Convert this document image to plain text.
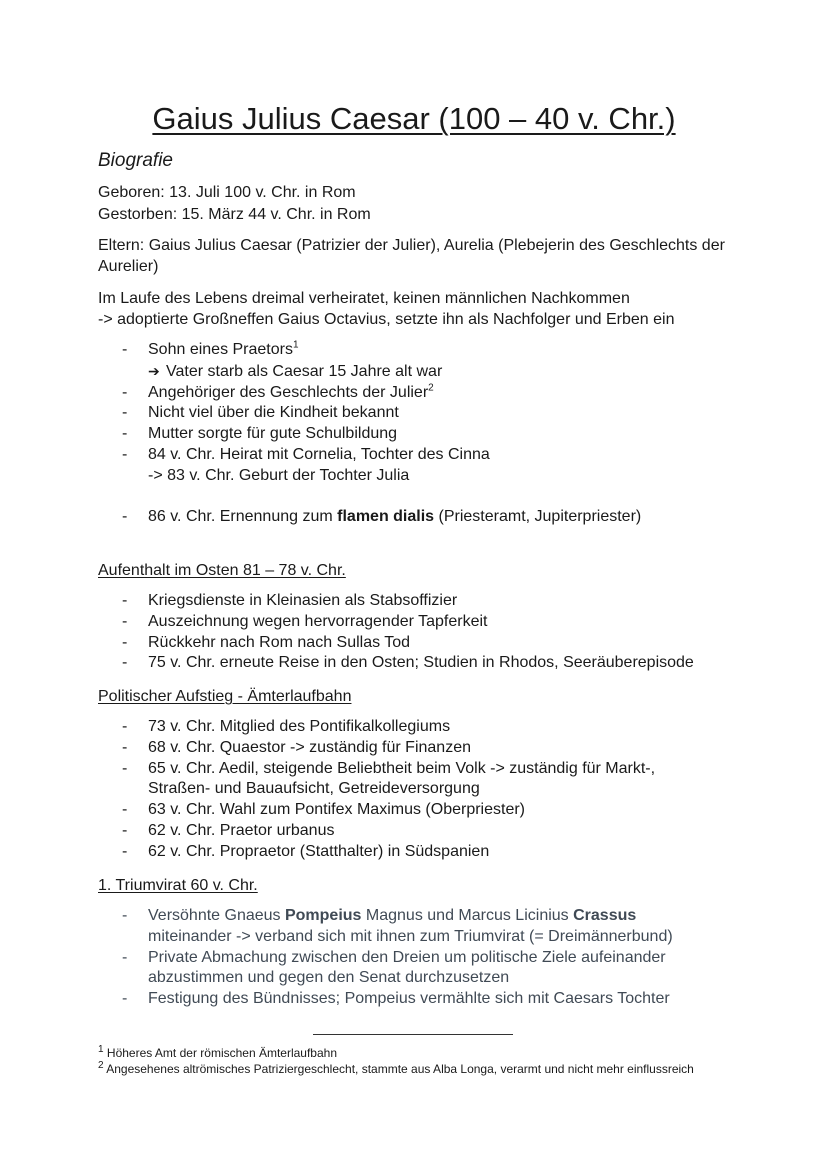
Gaius Julius Caesar (100 – 40 v. Chr.)
Biografie
Geboren: 13. Juli 100 v. Chr. in Rom
Gestorben: 15. März 44 v. Chr. in Rom
Eltern: Gaius Julius Caesar (Patrizier der Julier), Aurelia (Plebejerin des Geschlechts der Aurelier)
Im Laufe des Lebens dreimal verheiratet, keinen männlichen Nachkommen
-> adoptierte Großneffen Gaius Octavius, setzte ihn als Nachfolger und Erben ein
- Sohn eines Praetors$^1$
➔ Vater starb als Caesar 15 Jahre alt war
- Angehöriger des Geschlechts der Julier$^2$
- Nicht viel über die Kindheit bekannt
- Mutter sorgte für gute Schulbildung
- 84 v. Chr. Heirat mit Cornelia, Tochter des Cinna
-> 83 v. Chr. Geburt der Tochter Julia
- 86 v. Chr. Ernennung zum flamen dialis (Priesteramt, Jupiterpriester)
Aufenthalt im Osten 81 – 78 v. Chr.
- Kriegsdienste in Kleinasien als Stabsoffizier
- Auszeichnung wegen hervorragender Tapferkeit
- Rückkehr nach Rom nach Sullas Tod
- 75 v. Chr. erneute Reise in den Osten; Studien in Rhodos, Seeräuberepisode
Politischer Aufstieg - Ämterlaufbahn
- 73 v. Chr. Mitglied des Pontifikalkollegiums
- 68 v. Chr. Quaestor -> zuständig für Finanzen
- 65 v. Chr. Aedil, steigende Beliebtheit beim Volk -> zuständig für Markt-, Straßen- und Bauaufsicht, Getreideversorgung
- 63 v. Chr. Wahl zum Pontifex Maximus (Oberpriester)
- 62 v. Chr. Praetor urbanus
- 62 v. Chr. Propraetor (Statthalter) in Südspanien
1. Triumvirat 60 v. Chr.
- Versöhnte Gnaeus Pompeius Magnus und Marcus Licinius Crassus miteinander -> verband sich mit ihnen zum Triumvirat (= Dreimännerbund)
- Private Abmachung zwischen den Dreien um politische Ziele aufeinander abzustimmen und gegen den Senat durchzusetzen
- Festigung des Bündnisses; Pompeius vermählte sich mit Caesars Tochter
$^1$ Höheres Amt der römischen Ämterlaufbahn
$^2$ Angesehenes altrömisches Patriziergeschlecht, stammte aus Alba Longa, verarmt und nicht mehr einflussreich
